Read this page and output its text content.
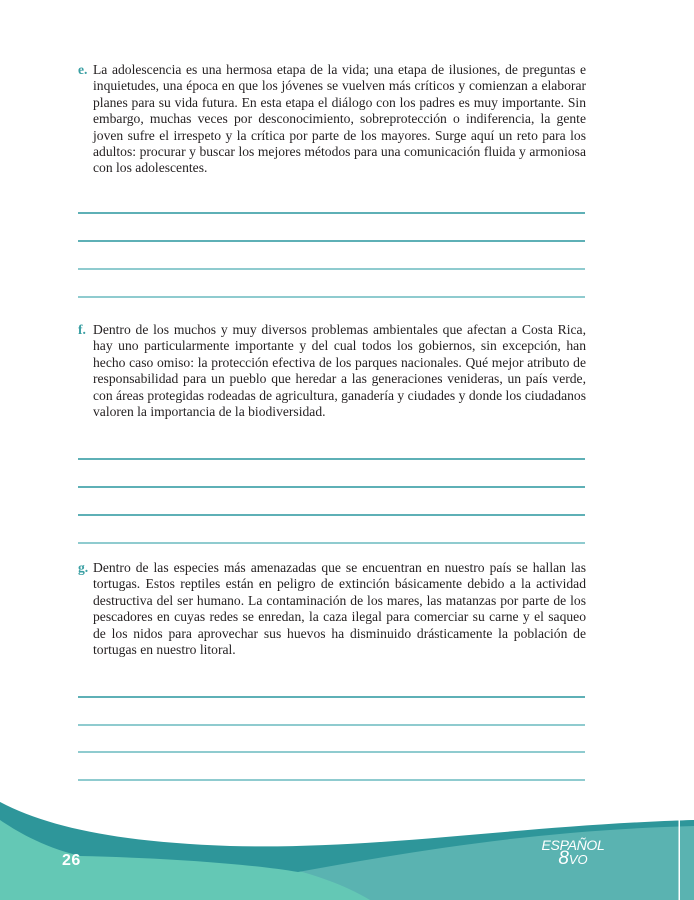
e. La adolescencia es una hermosa etapa de la vida; una etapa de ilusiones, de preguntas e inquietudes, una época en que los jóvenes se vuelven más críticos y comienzan a elaborar planes para su vida futura. En esta etapa el diálogo con los padres es muy importante. Sin embargo, muchas veces por desconocimiento, sobreprotección o indiferencia, la gente joven sufre el irrespeto y la crítica por parte de los mayores. Surge aquí un reto para los adultos: procurar y buscar los mejores métodos para una comunicación fluida y armoniosa con los adolescentes.

f. Dentro de los muchos y muy diversos problemas ambientales que afectan a Costa Rica, hay uno particularmente importante y del cual todos los gobiernos, sin excepción, han hecho caso omiso: la protección efectiva de los parques nacionales. Qué mejor atributo de responsabilidad para un pueblo que heredar a las generaciones venideras, un país verde, con áreas protegidas rodeadas de agricultura, ganadería y ciudades y donde los ciudadanos valoren la importancia de la biodiversidad.

g. Dentro de las especies más amenazadas que se encuentran en nuestro país se hallan las tortugas. Estos reptiles están en peligro de extinción básicamente debido a la actividad destructiva del ser humano. La contaminación de los mares, las matanzas por parte de los pescadores en cuyas redes se enredan, la caza ilegal para comerciar su carne y el saqueo de los nidos para aprovechar sus huevos ha disminuido drásticamente la población de tortugas en nuestro litoral.

26
ESPAÑOL
8VO
